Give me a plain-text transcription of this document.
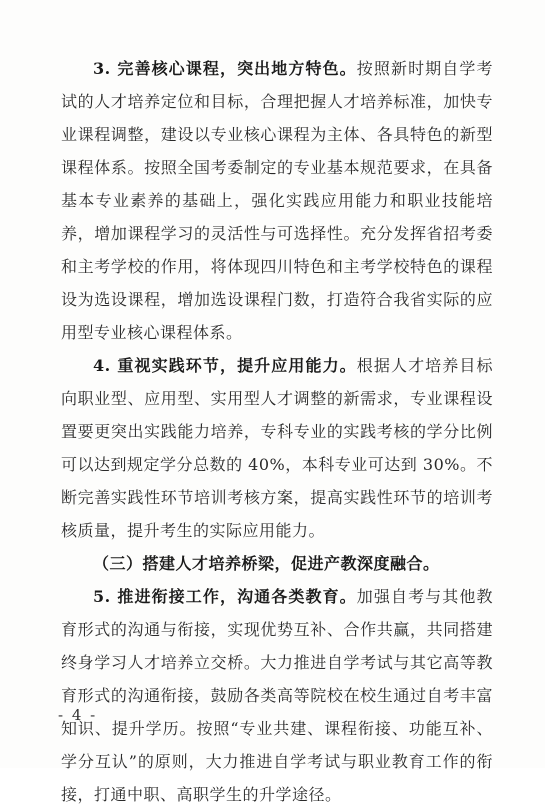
3. 完善核心课程，突出地方特色。按照新时期自学考试的人才培养定位和目标，合理把握人才培养标准，加快专业课程调整，建设以专业核心课程为主体、各具特色的新型课程体系。按照全国考委制定的专业基本规范要求，在具备基本专业素养的基础上，强化实践应用能力和职业技能培养，增加课程学习的灵活性与可选择性。充分发挥省招考委和主考学校的作用，将体现四川特色和主考学校特色的课程设为选设课程，增加选设课程门数，打造符合我省实际的应用型专业核心课程体系。

4. 重视实践环节，提升应用能力。根据人才培养目标向职业型、应用型、实用型人才调整的新需求，专业课程设置要更突出实践能力培养，专科专业的实践考核的学分比例可以达到规定学分总数的 40%，本科专业可达到 30%。不断完善实践性环节培训考核方案，提高实践性环节的培训考核质量，提升考生的实际应用能力。

（三）搭建人才培养桥梁，促进产教深度融合。

5. 推进衔接工作，沟通各类教育。加强自考与其他教育形式的沟通与衔接，实现优势互补、合作共赢，共同搭建终身学习人才培养立交桥。大力推进自学考试与其它高等教育形式的沟通衔接，鼓励各类高等院校在校生通过自考丰富知识、提升学历。按照“专业共建、课程衔接、功能互补、学分互认”的原则，大力推进自学考试与职业教育工作的衔接，打通中职、高职学生的升学途径。

- 4 -
